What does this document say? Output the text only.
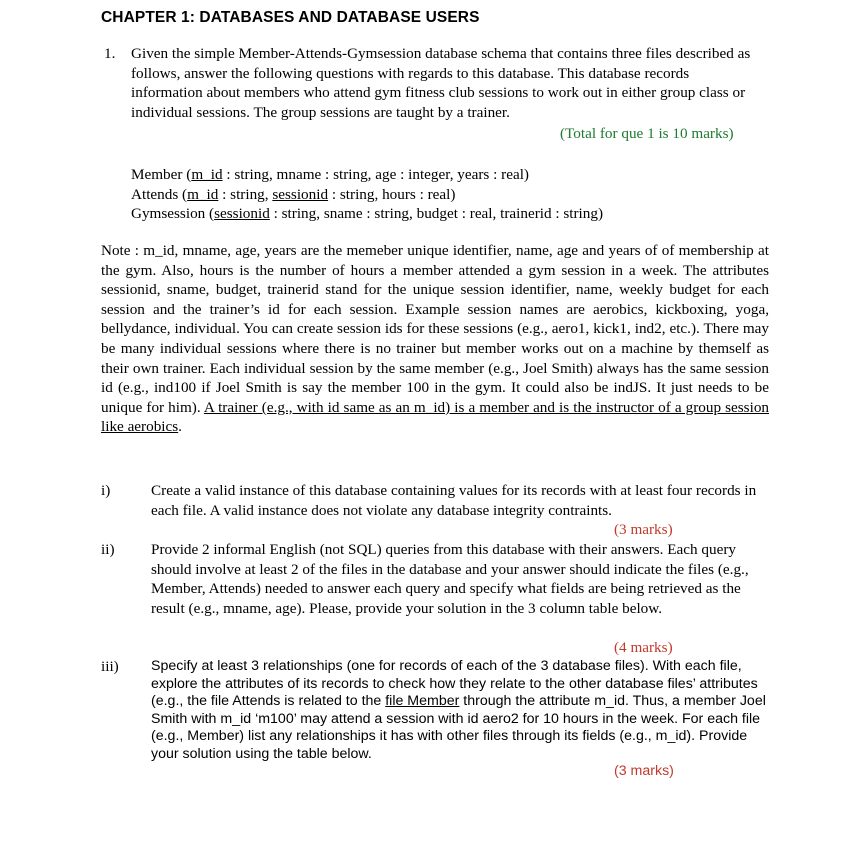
CHAPTER 1: DATABASES AND DATABASE USERS
1. Given the simple Member-Attends-Gymsession database schema that contains three files described as follows, answer the following questions with regards to this database. This database records information about members who attend gym fitness club sessions to work out in either group class or individual sessions. The group sessions are taught by a trainer.
(Total for que 1 is 10 marks)
Member (m_id : string, mname : string, age : integer, years : real)
Attends (m_id : string, sessionid : string, hours : real)
Gymsession (sessionid : string, sname : string, budget : real, trainerid : string)
Note : m_id, mname, age, years are the memeber unique identifier, name, age and years of of membership at the gym. Also, hours is the number of hours a member attended a gym session in a week. The attributes sessionid, sname, budget, trainerid stand for the unique session identifier, name, weekly budget for each session and the trainer’s id for each session. Example session names are aerobics, kickboxing, yoga, bellydance, individual. You can create session ids for these sessions (e.g., aero1, kick1, ind2, etc.). There may be many individual sessions where there is no trainer but member works out on a machine by themself as their own trainer. Each individual session by the same member (e.g., Joel Smith) always has the same session id (e.g., ind100 if Joel Smith is say the member 100 in the gym. It could also be indJS. It just needs to be unique for him). A trainer (e.g., with id same as an m_id) is a member and is the instructor of a group session like aerobics.
i)	Create a valid instance of this database containing values for its records with at least four records in each file. A valid instance does not violate any database integrity contraints.
(3 marks)
ii) Provide 2 informal English (not SQL) queries from this database with their answers. Each query should involve at least 2 of the files in the database and your answer should indicate the files (e.g., Member, Attends) needed to answer each query and specify what fields are being retrieved as the result (e.g., mname, age). Please, provide your solution in the 3 column table below.
(4 marks)
iii) Specify at least 3 relationships (one for records of each of the 3 database files). With each file, explore the attributes of its records to check how they relate to the other database files’ attributes (e.g., the file Attends is related to the file Member through the attribute m_id. Thus, a member Joel Smith with m_id ‘m100’ may attend a session with id aero2 for 10 hours in the week. For each file (e.g., Member) list any relationships it has with other files through its fields (e.g., m_id). Provide your solution using the table below.
(3 marks)
